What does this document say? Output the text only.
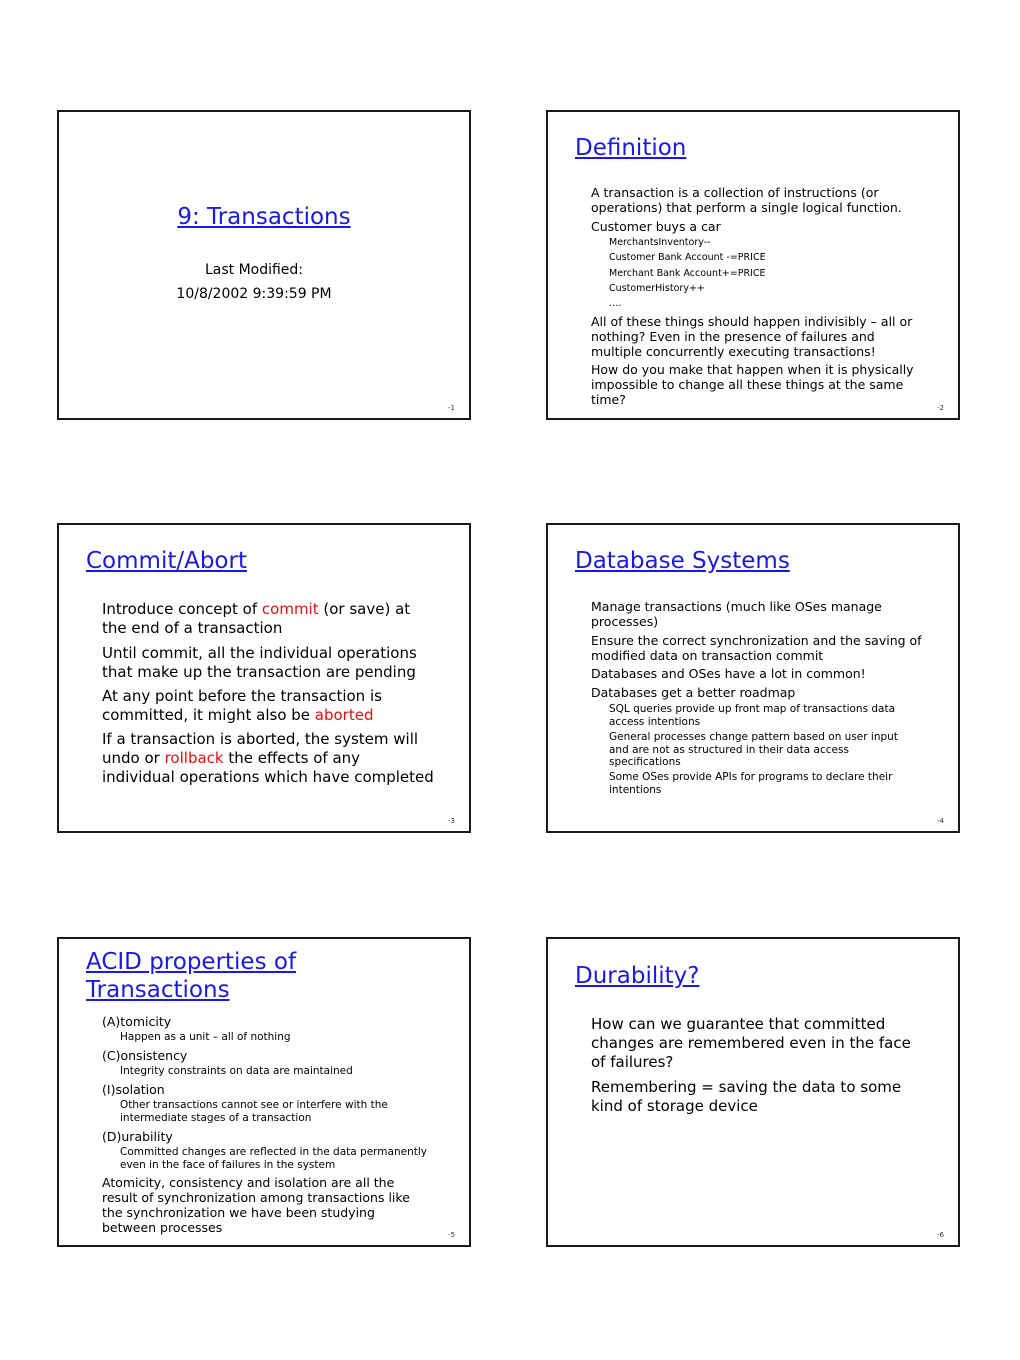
9: Transactions
Last Modified:
10/8/2002 9:39:59 PM
-1
Definition

A transaction is a collection of instructions (or operations) that perform a single logical function.

Customer buys a car

MerchantsInventory--

Customer Bank Account -=PRICE

Merchant Bank Account+=PRICE

CustomerHistory++

….

All of these things should happen indivisibly – all or nothing? Even in the presence of failures and multiple concurrently executing transactions!

How do you make that happen when it is physically impossible to change all these things at the same time?

-2
Commit/Abort

Introduce concept of commit (or save) at the end of a transaction

Until commit, all the individual operations that make up the transaction are pending

At any point before the transaction is committed, it might also be aborted

If a transaction is aborted, the system will undo or rollback the effects of any individual operations which have completed

-3
Database Systems

Manage transactions (much like OSes manage processes)

Ensure the correct synchronization and the saving of modified data on transaction commit

Databases and OSes have a lot in common!

Databases get a better roadmap

SQL queries provide up front map of transactions data access intentions

General processes change pattern based on user input and are not as structured in their data access specifications

Some OSes provide APIs for programs to declare their intentions

-4
ACID properties of
Transactions

(A)tomicity

Happen as a unit – all of nothing

(C)onsistency

Integrity constraints on data are maintained

(I)solation

Other transactions cannot see or interfere with the intermediate stages of a transaction

(D)urability

Committed changes are reflected in the data permanently even in the face of failures in the system

Atomicity, consistency and isolation are all the result of synchronization among transactions like the synchronization we have been studying between processes	-5
Durability?

How can we guarantee that committed changes are remembered even in the face of failures?

Remembering = saving the data to some kind of storage device

-6
